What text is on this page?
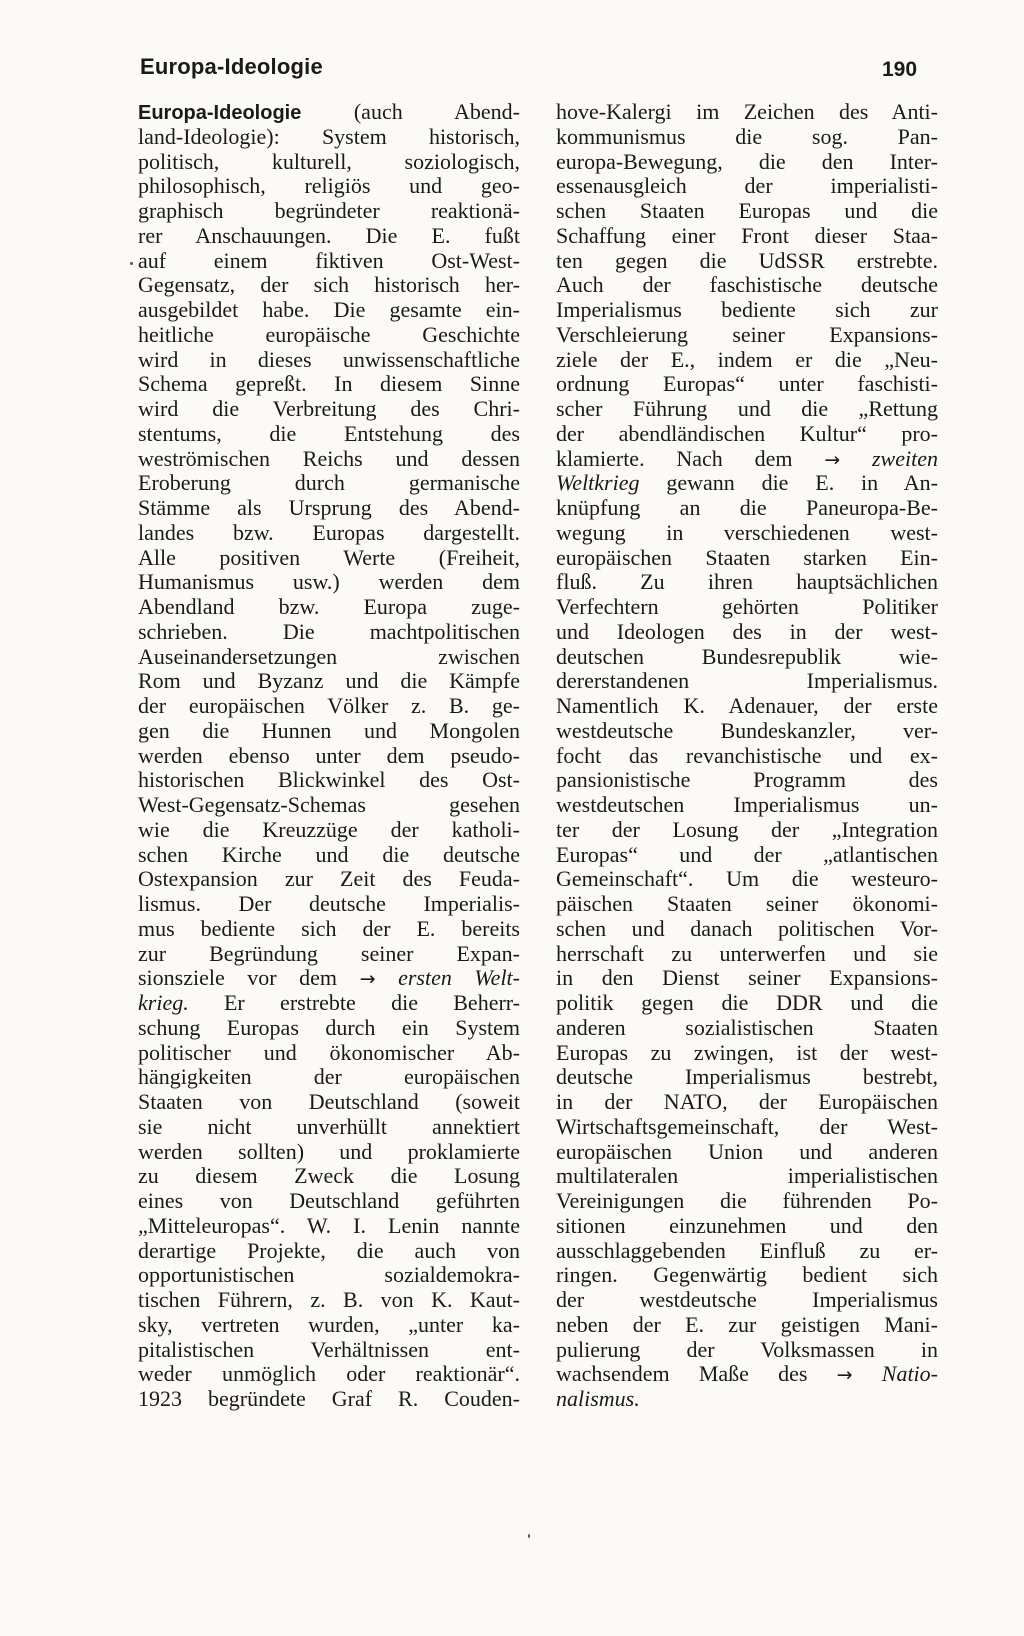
Europa-Ideologie	190
Europa-Ideologie (auch Abend-
land-Ideologie): System historisch,
politisch, kulturell, soziologisch,
philosophisch, religiös und geo-
graphisch begründeter reaktionä-
rer Anschauungen. Die E. fußt
auf einem fiktiven Ost-West-
Gegensatz, der sich historisch her-
ausgebildet habe. Die gesamte ein-
heitliche europäische Geschichte
wird in dieses unwissenschaftliche
Schema gepreßt. In diesem Sinne
wird die Verbreitung des Chri-
stentums, die Entstehung des
weströmischen Reichs und dessen
Eroberung durch germanische
Stämme als Ursprung des Abend-
landes bzw. Europas dargestellt.
Alle positiven Werte (Freiheit,
Humanismus usw.) werden dem
Abendland bzw. Europa zuge-
schrieben. Die machtpolitischen
Auseinandersetzungen zwischen
Rom und Byzanz und die Kämpfe
der europäischen Völker z. B. ge-
gen die Hunnen und Mongolen
werden ebenso unter dem pseudo-
historischen Blickwinkel des Ost-
West-Gegensatz-Schemas gesehen
wie die Kreuzzüge der katholi-
schen Kirche und die deutsche
Ostexpansion zur Zeit des Feuda-
lismus. Der deutsche Imperialis-
mus bediente sich der E. bereits
zur Begründung seiner Expan-
sionsziele vor dem → ersten Welt-
krieg. Er erstrebte die Beherr-
schung Europas durch ein System
politischer und ökonomischer Ab-
hängigkeiten der europäischen
Staaten von Deutschland (soweit
sie nicht unverhüllt annektiert
werden sollten) und proklamierte
zu diesem Zweck die Losung
eines von Deutschland geführten
„Mitteleuropas“. W. I. Lenin nannte
derartige Projekte, die auch von
opportunistischen sozialdemokra-
tischen Führern, z. B. von K. Kaut-
sky, vertreten wurden, „unter ka-
pitalistischen Verhältnissen ent-
weder unmöglich oder reaktionär“.
1923 begründete Graf R. Couden-
hove-Kalergi im Zeichen des Anti-
kommunismus die sog. Pan-
europa-Bewegung, die den Inter-
essenausgleich der imperialisti-
schen Staaten Europas und die
Schaffung einer Front dieser Staa-
ten gegen die UdSSR erstrebte.
Auch der faschistische deutsche
Imperialismus bediente sich zur
Verschleierung seiner Expansions-
ziele der E., indem er die „Neu-
ordnung Europas“ unter faschisti-
scher Führung und die „Rettung
der abendländischen Kultur“ pro-
klamierte. Nach dem → zweiten
Weltkrieg gewann die E. in An-
knüpfung an die Paneuropa-Be-
wegung in verschiedenen west-
europäischen Staaten starken Ein-
fluß. Zu ihren hauptsächlichen
Verfechtern gehörten Politiker
und Ideologen des in der west-
deutschen Bundesrepublik wie-
dererstandenen Imperialismus.
Namentlich K. Adenauer, der erste
westdeutsche Bundeskanzler, ver-
focht das revanchistische und ex-
pansionistische Programm des
westdeutschen Imperialismus un-
ter der Losung der „Integration
Europas“ und der „atlantischen
Gemeinschaft“. Um die westeuro-
päischen Staaten seiner ökonomi-
schen und danach politischen Vor-
herrschaft zu unterwerfen und sie
in den Dienst seiner Expansions-
politik gegen die DDR und die
anderen sozialistischen Staaten
Europas zu zwingen, ist der west-
deutsche Imperialismus bestrebt,
in der NATO, der Europäischen
Wirtschaftsgemeinschaft, der West-
europäischen Union und anderen
multilateralen imperialistischen
Vereinigungen die führenden Po-
sitionen einzunehmen und den
ausschlaggebenden Einfluß zu er-
ringen. Gegenwärtig bedient sich
der westdeutsche Imperialismus
neben der E. zur geistigen Mani-
pulierung der Volksmassen in
wachsendem Maße des → Natio-
nalismus.
